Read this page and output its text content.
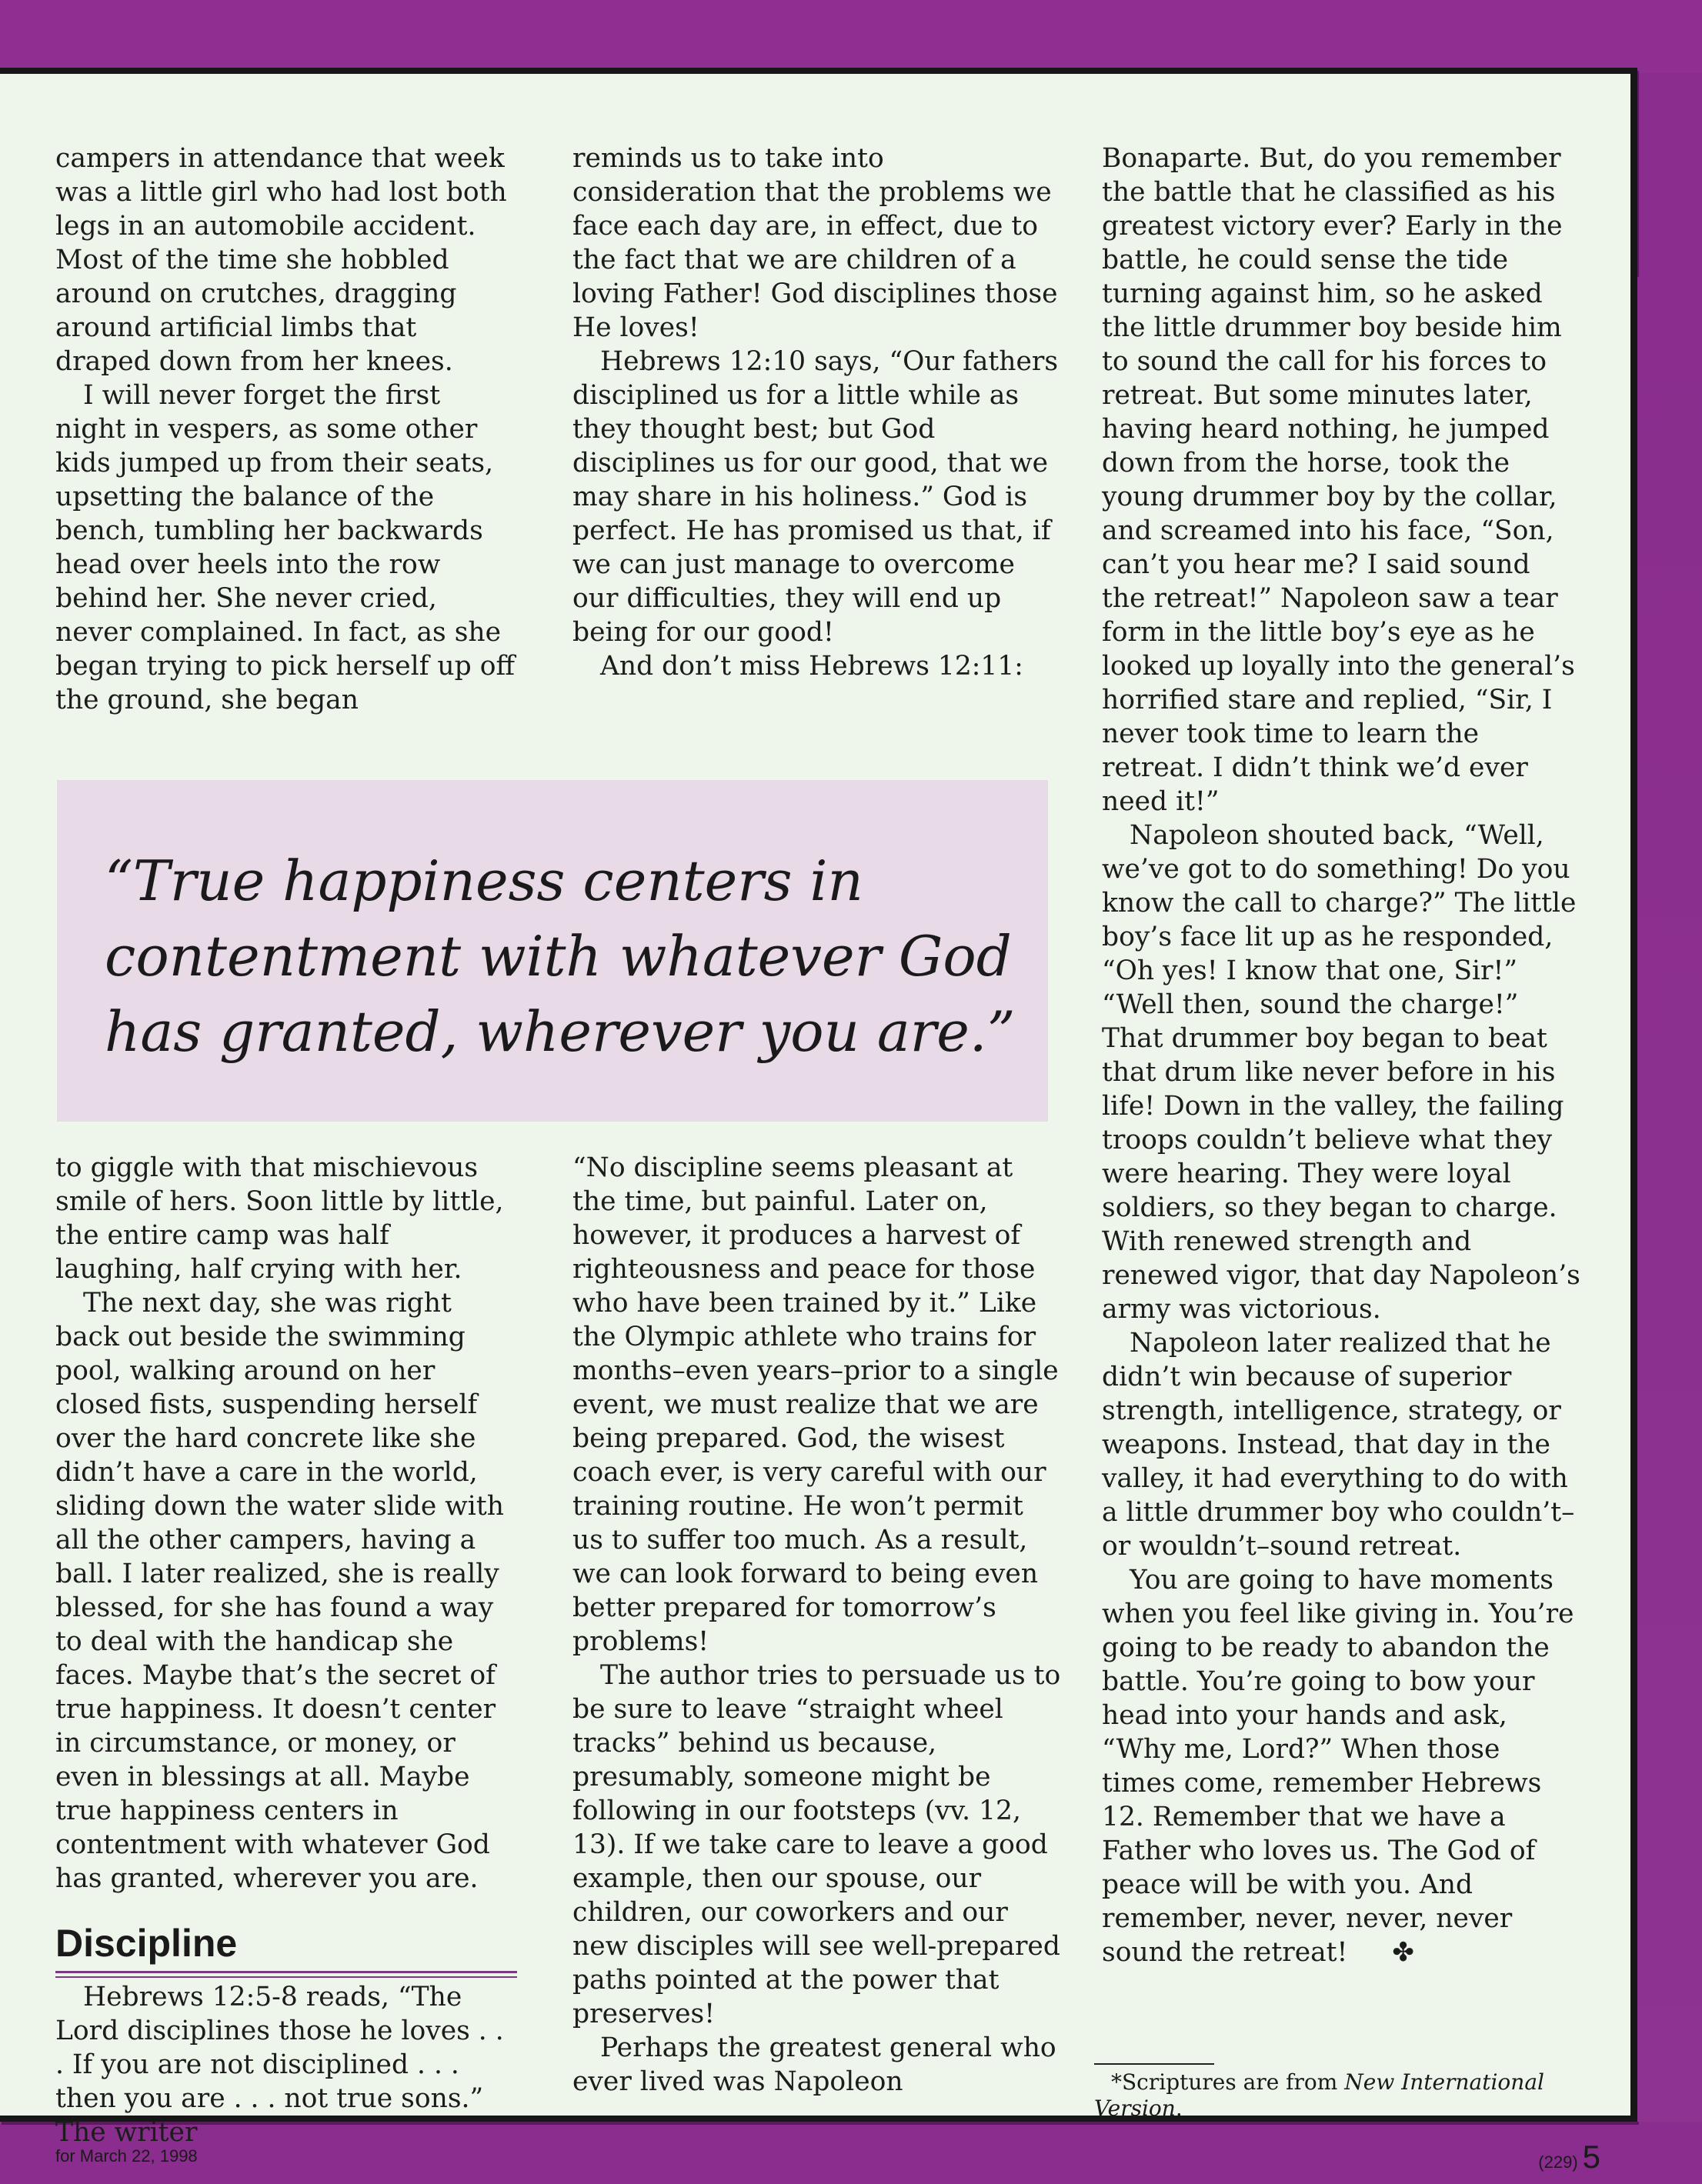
campers in attendance that week was a little girl who had lost both legs in an automobile accident. Most of the time she hobbled around on crutches, dragging around artificial limbs that draped down from her knees.

I will never forget the first night in vespers, as some other kids jumped up from their seats, upsetting the balance of the bench, tumbling her backwards head over heels into the row behind her. She never cried, never complained. In fact, as she began trying to pick herself up off the ground, she began

reminds us to take into consideration that the problems we face each day are, in effect, due to the fact that we are children of a loving Father! God disciplines those He loves!

Hebrews 12:10 says, “Our fathers disciplined us for a little while as they thought best; but God disciplines us for our good, that we may share in his holiness.” God is perfect. He has promised us that, if we can just manage to overcome our difficulties, they will end up being for our good!

And don’t miss Hebrews 12:11:

“True happiness centers in contentment with whatever God has granted, wherever you are.”

to giggle with that mischievous smile of hers. Soon little by little, the entire camp was half laughing, half crying with her.

The next day, she was right back out beside the swimming pool, walking around on her closed fists, suspending herself over the hard concrete like she didn’t have a care in the world, sliding down the water slide with all the other campers, having a ball. I later realized, she is really blessed, for she has found a way to deal with the handicap she faces. Maybe that’s the secret of true happiness. It doesn’t center in circumstance, or money, or even in blessings at all. Maybe true happiness centers in contentment with whatever God has granted, wherever you are.

Discipline

Hebrews 12:5-8 reads, “The Lord disciplines those he loves . . . If you are not disciplined . . . then you are . . . not true sons.” The writer

“No discipline seems pleasant at the time, but painful. Later on, however, it produces a harvest of righteousness and peace for those who have been trained by it.” Like the Olympic athlete who trains for months–even years–prior to a single event, we must realize that we are being prepared. God, the wisest coach ever, is very careful with our training routine. He won’t permit us to suffer too much. As a result, we can look forward to being even better prepared for tomorrow’s problems!

The author tries to persuade us to be sure to leave “straight wheel tracks” behind us because, presumably, someone might be following in our footsteps (vv. 12, 13). If we take care to leave a good example, then our spouse, our children, our coworkers and our new disciples will see well-prepared paths pointed at the power that preserves!

Perhaps the greatest general who ever lived was Napoleon

Bonaparte. But, do you remember the battle that he classified as his greatest victory ever? Early in the battle, he could sense the tide turning against him, so he asked the little drummer boy beside him to sound the call for his forces to retreat. But some minutes later, having heard nothing, he jumped down from the horse, took the young drummer boy by the collar, and screamed into his face, “Son, can’t you hear me? I said sound the retreat!” Napoleon saw a tear form in the little boy’s eye as he looked up loyally into the general’s horrified stare and replied, “Sir, I never took time to learn the retreat. I didn’t think we’d ever need it!”

Napoleon shouted back, “Well, we’ve got to do something! Do you know the call to charge?” The little boy’s face lit up as he responded, “Oh yes! I know that one, Sir!” “Well then, sound the charge!” That drummer boy began to beat that drum like never before in his life! Down in the valley, the failing troops couldn’t believe what they were hearing. They were loyal soldiers, so they began to charge. With renewed strength and renewed vigor, that day Napoleon’s army was victorious.

Napoleon later realized that he didn’t win because of superior strength, intelligence, strategy, or weapons. Instead, that day in the valley, it had everything to do with a little drummer boy who couldn’t–or wouldn’t–sound retreat.

You are going to have moments when you feel like giving in. You’re going to be ready to abandon the battle. You’re going to bow your head into your hands and ask, “Why me, Lord?” When those times come, remember Hebrews 12. Remember that we have a Father who loves us. The God of peace will be with you. And remember, never, never, never sound the retreat! ✤

*Scriptures are from New International Version.
for March 22, 1998	(229) 5
